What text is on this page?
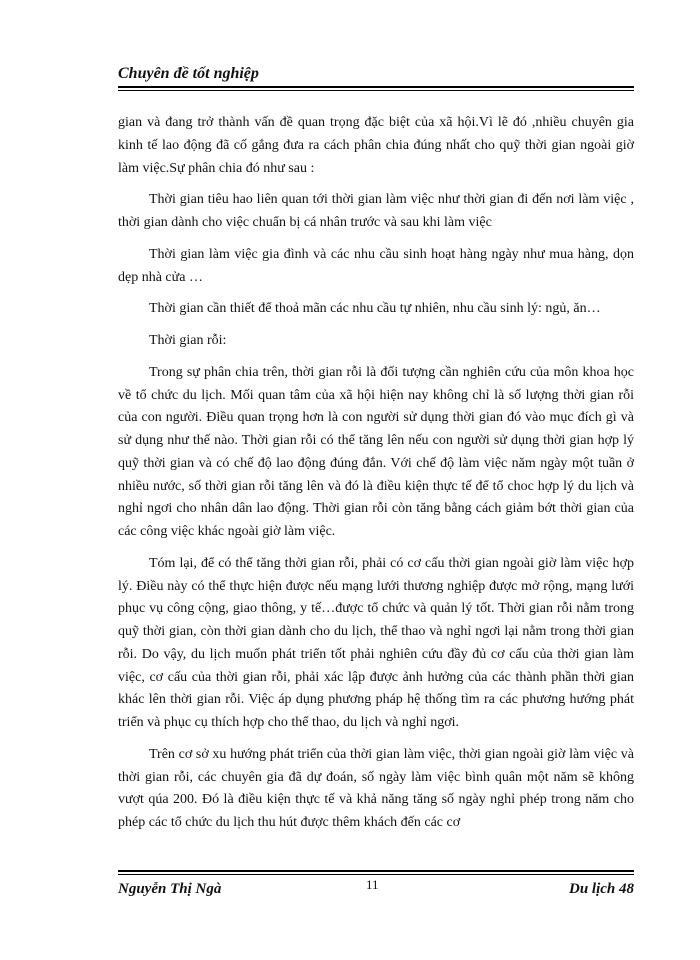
Chuyên đề tốt nghiệp

gian và đang trở thành vấn đề quan trọng đặc biệt của xã hội.Vì lẽ đó ,nhiều chuyên gia kinh tế lao động đã cố gắng đưa ra cách phân chia đúng nhất cho quỹ thời gian ngoài giờ làm việc.Sự phân chia đó như sau :

Thời gian tiêu hao liên quan tới thời gian làm việc như thời gian đi đến nơi làm việc , thời gian dành cho việc chuẩn bị cá nhân trước và sau khi làm việc

Thời gian làm việc gia đình và các nhu cầu sinh hoạt hàng ngày như mua hàng, dọn dẹp nhà cửa …

Thời gian cần thiết để thoả mãn các nhu cầu tự nhiên, nhu cầu sinh lý: ngủ, ăn…

Thời gian rỗi:

Trong sự phân chia trên, thời gian rỗi là đối tượng cần nghiên cứu của môn khoa học về tổ chức du lịch. Mối quan tâm của xã hội hiện nay không chỉ là số lượng thời gian rỗi của con người. Điều quan trọng hơn là con người sử dụng thời gian đó vào mục đích gì và sử dụng như thế nào. Thời gian rỗi có thể tăng lên nếu con người sử dụng thời gian hợp lý quỹ thời gian và có chế độ lao động đúng đắn. Với chế độ làm việc năm ngày một tuần ở nhiều nước, số thời gian rỗi tăng lên và đó là điều kiện thực tế để tổ choc hợp lý du lịch và nghỉ ngơi cho nhân dân lao động. Thời gian rỗi còn tăng bằng cách giảm bớt thời gian của các công việc khác ngoài giờ làm việc.

Tóm lại, để có thể tăng thời gian rỗi, phải có cơ cấu thời gian ngoài giờ làm việc hợp lý. Điều này có thể thực hiện được nếu mạng lưới thương nghiệp được mở rộng, mạng lưới phục vụ công cộng, giao thông, y tế…được tổ chức và quản lý tốt. Thời gian rỗi nằm trong quỹ thời gian, còn thời gian dành cho du lịch, thể thao và nghỉ ngơi lại nằm trong thời gian rỗi. Do vậy, du lịch muốn phát triển tốt phải nghiên cứu đầy đủ cơ cấu của thời gian làm việc, cơ cấu của thời gian rỗi, phải xác lập được ảnh hưởng của các thành phần thời gian khác lên thời gian rỗi. Việc áp dụng phương pháp hệ thống tìm ra các phương hướng phát triển và phục cụ thích hợp cho thể thao, du lịch và nghỉ ngơi.

Trên cơ sở xu hướng phát triển của thời gian làm việc, thời gian ngoài giờ làm việc và thời gian rỗi, các chuyên gia đã dự đoán, số ngày làm việc bình quân một năm sẽ không vượt qúa 200. Đó là điều kiện thực tế và khả năng tăng số ngày nghỉ phép trong năm cho phép các tổ chức du lịch thu hút được thêm khách đến các cơ

Nguyễn Thị Ngà	11	Du lịch 48
